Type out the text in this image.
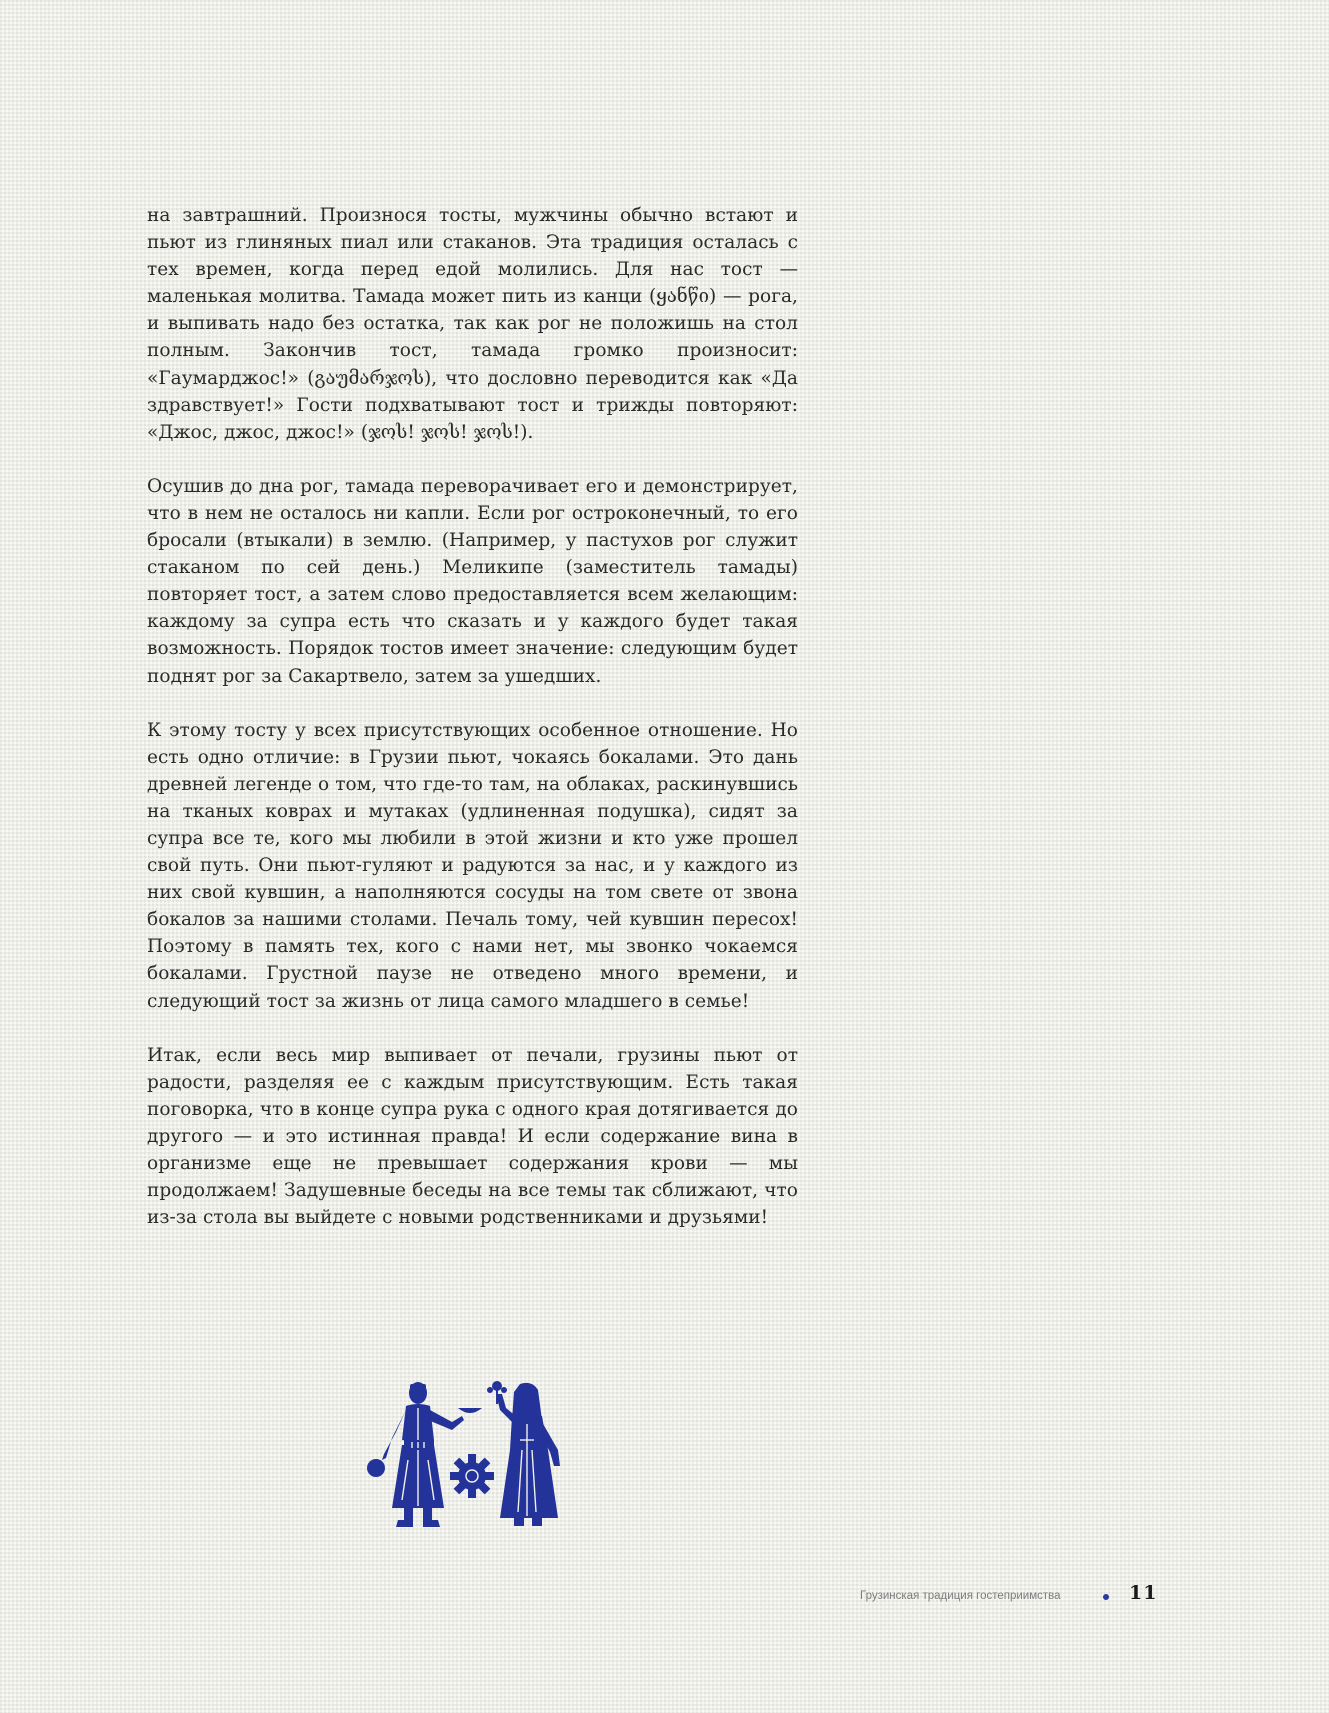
на завтрашний. Произнося тосты, мужчины обычно встают и пьют из глиняных пиал или стаканов. Эта традиция осталась с тех времен, когда перед едой молились. Для нас тост — маленькая молитва. Тамада может пить из канци (ყანწი) — рога, и выпивать надо без остатка, так как рог не положишь на стол полным. Закончив тост, тамада громко произносит: «Гаумарджос!» (გაუმარჯოს), что дословно переводится как «Да здравствует!» Гости подхватывают тост и трижды повторяют: «Джос, джос, джос!» (ჯოს! ჯოს! ჯოს!).

Осушив до дна рог, тамада переворачивает его и демонстрирует, что в нем не осталось ни капли. Если рог остроконечный, то его бросали (втыкали) в землю. (Например, у пастухов рог служит стаканом по сей день.) Меликипе (заместитель тамады) повторяет тост, а затем слово предоставляется всем желающим: каждому за супра есть что сказать и у каждого будет такая возможность. Порядок тостов имеет значение: следующим будет поднят рог за Сакартвело, затем за ушедших.

К этому тосту у всех присутствующих особенное отношение. Но есть одно отличие: в Грузии пьют, чокаясь бокалами. Это дань древней легенде о том, что где-то там, на облаках, раскинувшись на тканых коврах и мутаках (удлиненная подушка), сидят за супра все те, кого мы любили в этой жизни и кто уже прошел свой путь. Они пьют-гуляют и радуются за нас, и у каждого из них свой кувшин, а наполняются сосуды на том свете от звона бокалов за нашими столами. Печаль тому, чей кувшин пересох! Поэтому в память тех, кого с нами нет, мы звонко чокаемся бокалами. Грустной паузе не отведено много времени, и следующий тост за жизнь от лица самого младшего в семье!

Итак, если весь мир выпивает от печали, грузины пьют от радости, разделяя ее с каждым присутствующим. Есть такая поговорка, что в конце супра рука с одного края дотягивается до другого — и это истинная правда! И если содержание вина в организме еще не превышает содержания крови — мы продолжаем! Задушевные беседы на все темы так сближают, что из-за стола вы выйдете с новыми родственниками и друзьями!

Грузинская традиция гостеприимства	11
